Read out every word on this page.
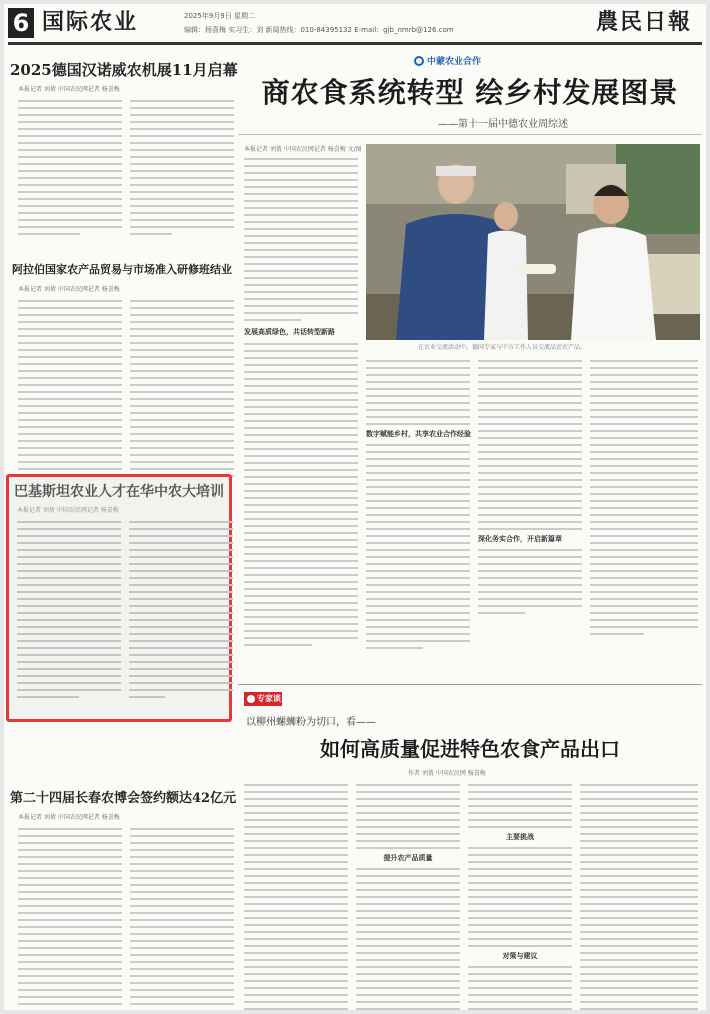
6 国际农业	2025年9月9日 星期二
编辑：杨喜梅 实习生：刘 新闻热线：010-84395132 E-mail：gjb_nmrb@126.com	農民日報
2025德国汉诺威农机展11月启幕
本报记者 刘倩 中国农民网记者 杨喜梅
阿拉伯国家农产品贸易与市场准入研修班结业
本报记者 刘倩 中国农民网记者 杨喜梅
第二十四届长春农博会签约额达42亿元
本报记者 刘倩 中国农民网记者 杨喜梅
巴基斯坦农业人才在华中农大培训
本报记者 刘倩 中国农民网记者 杨喜梅
中蒙农业合作
商农食系统转型 绘乡村发展图景
——第十一届中德农业周综述
本报记者 刘倩 中国农民网记者 杨喜梅 文/图
在农业交流活动中，德国专家与中方工作人员交流品尝农产品。
发展高质绿色，共话转型新路
数字赋能乡村，共享农业合作经验
深化务实合作，开启新篇章
专家谈
以柳州螺蛳粉为切口，看——
如何高质量促进特色农食产品出口
作者 刘倩 中国农民网 杨喜梅
提升农产品质量
主要挑战
对策与建议
